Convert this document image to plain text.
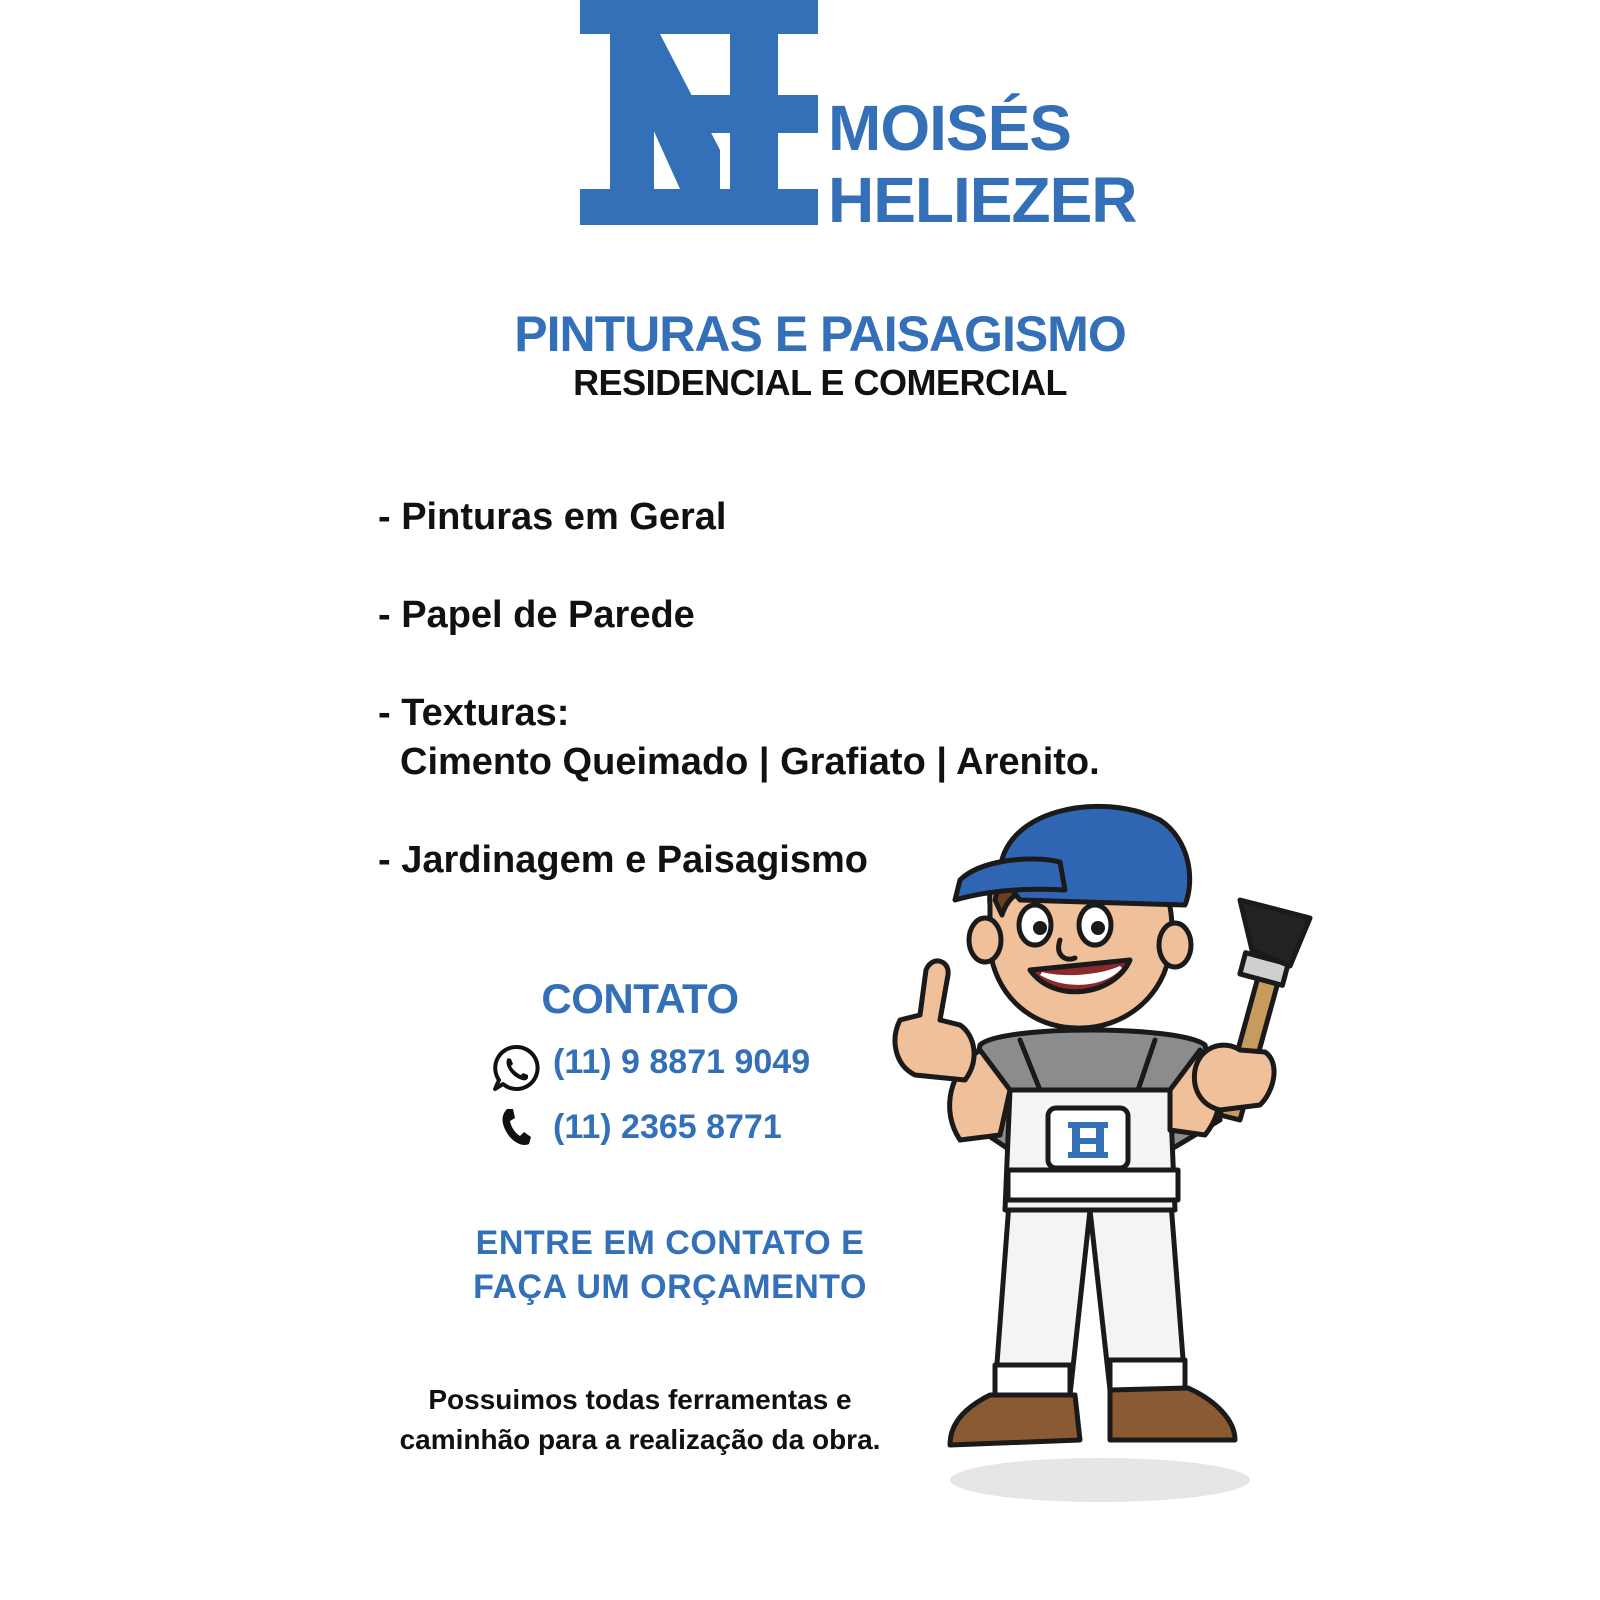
MOISÉS
HELIEZER
PINTURAS E PAISAGISMO
RESIDENCIAL E COMERCIAL
- Pinturas em Geral
- Papel de Parede
- Texturas:
Cimento Queimado | Grafiato | Arenito.
- Jardinagem e Paisagismo
CONTATO
(11) 9 8871 9049
(11) 2365 8771
ENTRE EM CONTATO E
FAÇA UM ORÇAMENTO
Possuimos todas ferramentas e
caminhão para a realização da obra.
